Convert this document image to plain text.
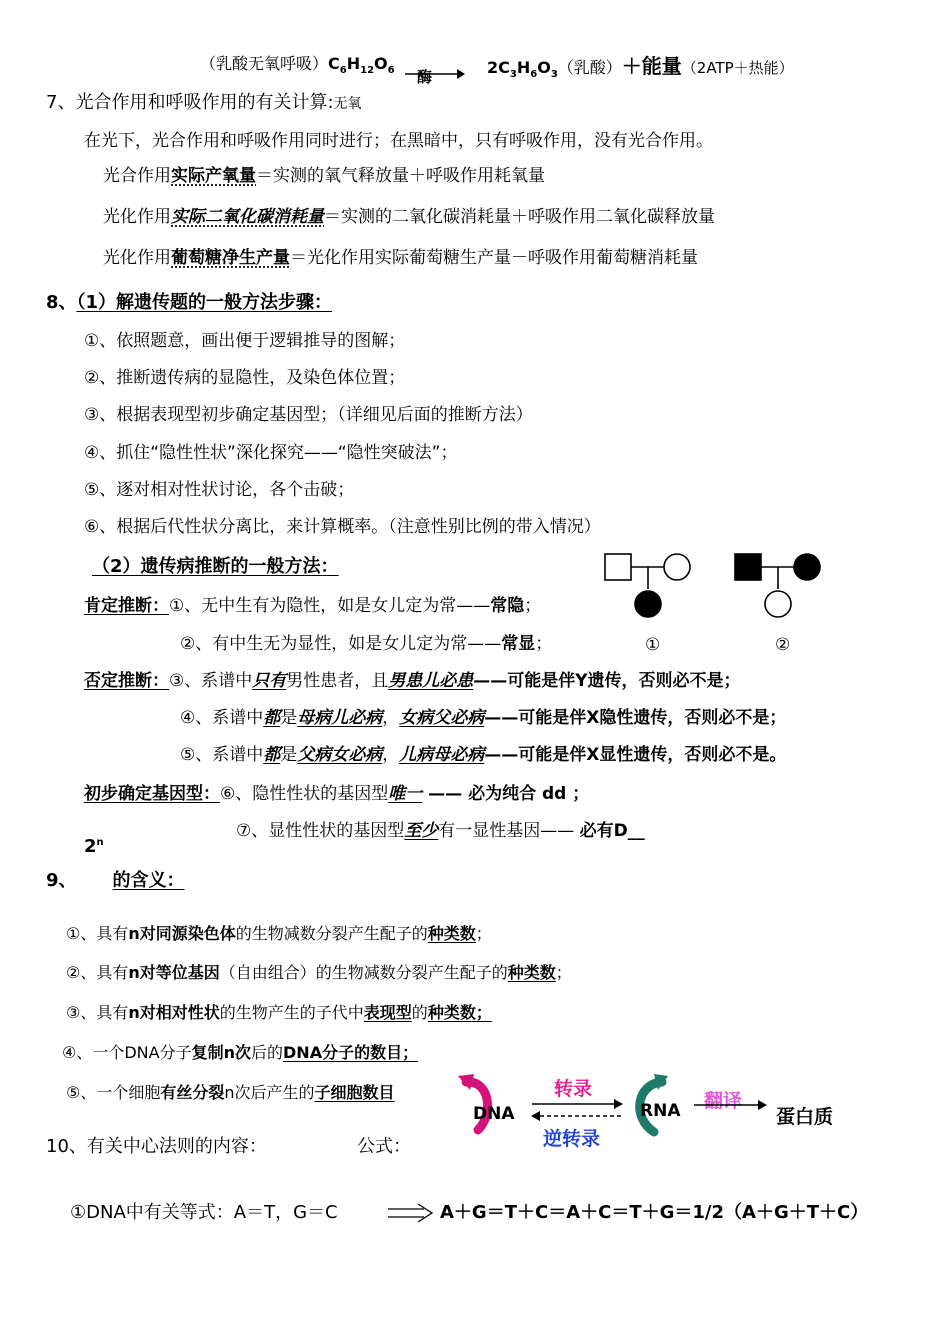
（乳酸无氧呼吸）$C_6H_{12}O_6$ 酶	$2C_3H_6O_3$（乳酸）＋能量（2ATP＋热能）
7、光合作用和呼吸作用的有关计算:无氧
在光下，光合作用和呼吸作用同时进行；在黑暗中，只有呼吸作用，没有光合作用。
光合作用实际产氧量＝实测的氧气释放量＋呼吸作用耗氧量
光化作用实际二氧化碳消耗量＝实测的二氧化碳消耗量＋呼吸作用二氧化碳释放量
光化作用葡萄糖净生产量＝光化作用实际葡萄糖生产量－呼吸作用葡萄糖消耗量
8、（1）解遗传题的一般方法步骤：
①、依照题意，画出便于逻辑推导的图解；
②、推断遗传病的显隐性，及染色体位置；
③、根据表现型初步确定基因型；（详细见后面的推断方法）
④、抓住“隐性性状”深化探究——“隐性突破法”；
⑤、逐对相对性状讨论，各个击破；
⑥、根据后代性状分离比，来计算概率。（注意性别比例的带入情况）
（2）遗传病推断的一般方法：
肯定推断：①、无中生有为隐性，如是女儿定为常——常隐；
②、有中生无为显性，如是女儿定为常——常显；	①	②
否定推断：③、系谱中只有男性患者，且男患儿必患——可能是伴Y遗传，否则必不是；
④、系谱中都是母病儿必病，女病父必病——可能是伴X隐性遗传，否则必不是；
⑤、系谱中都是父病女必病，儿病母必病——可能是伴X显性遗传，否则必不是。
初步确定基因型：⑥、隐性性状的基因型唯一 —— 必为纯合 dd ；
⑦、显性性状的基因型至少有一显性基因—— 必有D__
2$^n$
9、 的含义：
①、具有n对同源染色体的生物减数分裂产生配子的种类数；
②、具有n对等位基因（自由组合）的生物减数分裂产生配子的种类数；
③、具有n对相对性状的生物产生的子代中表现型的种类数；
④、一个DNA分子复制n次后的DNA分子的数目；
⑤、一个细胞有丝分裂n次后产生的子细胞数目
DNA
转录
逆转录
RNA 翻译
蛋白质
10、有关中心法则的内容：	公式：
①DNA中有关等式：A＝T，G＝C	A＋G＝T＋C＝A＋C＝T＋G＝1/2（A＋G＋T＋C）
